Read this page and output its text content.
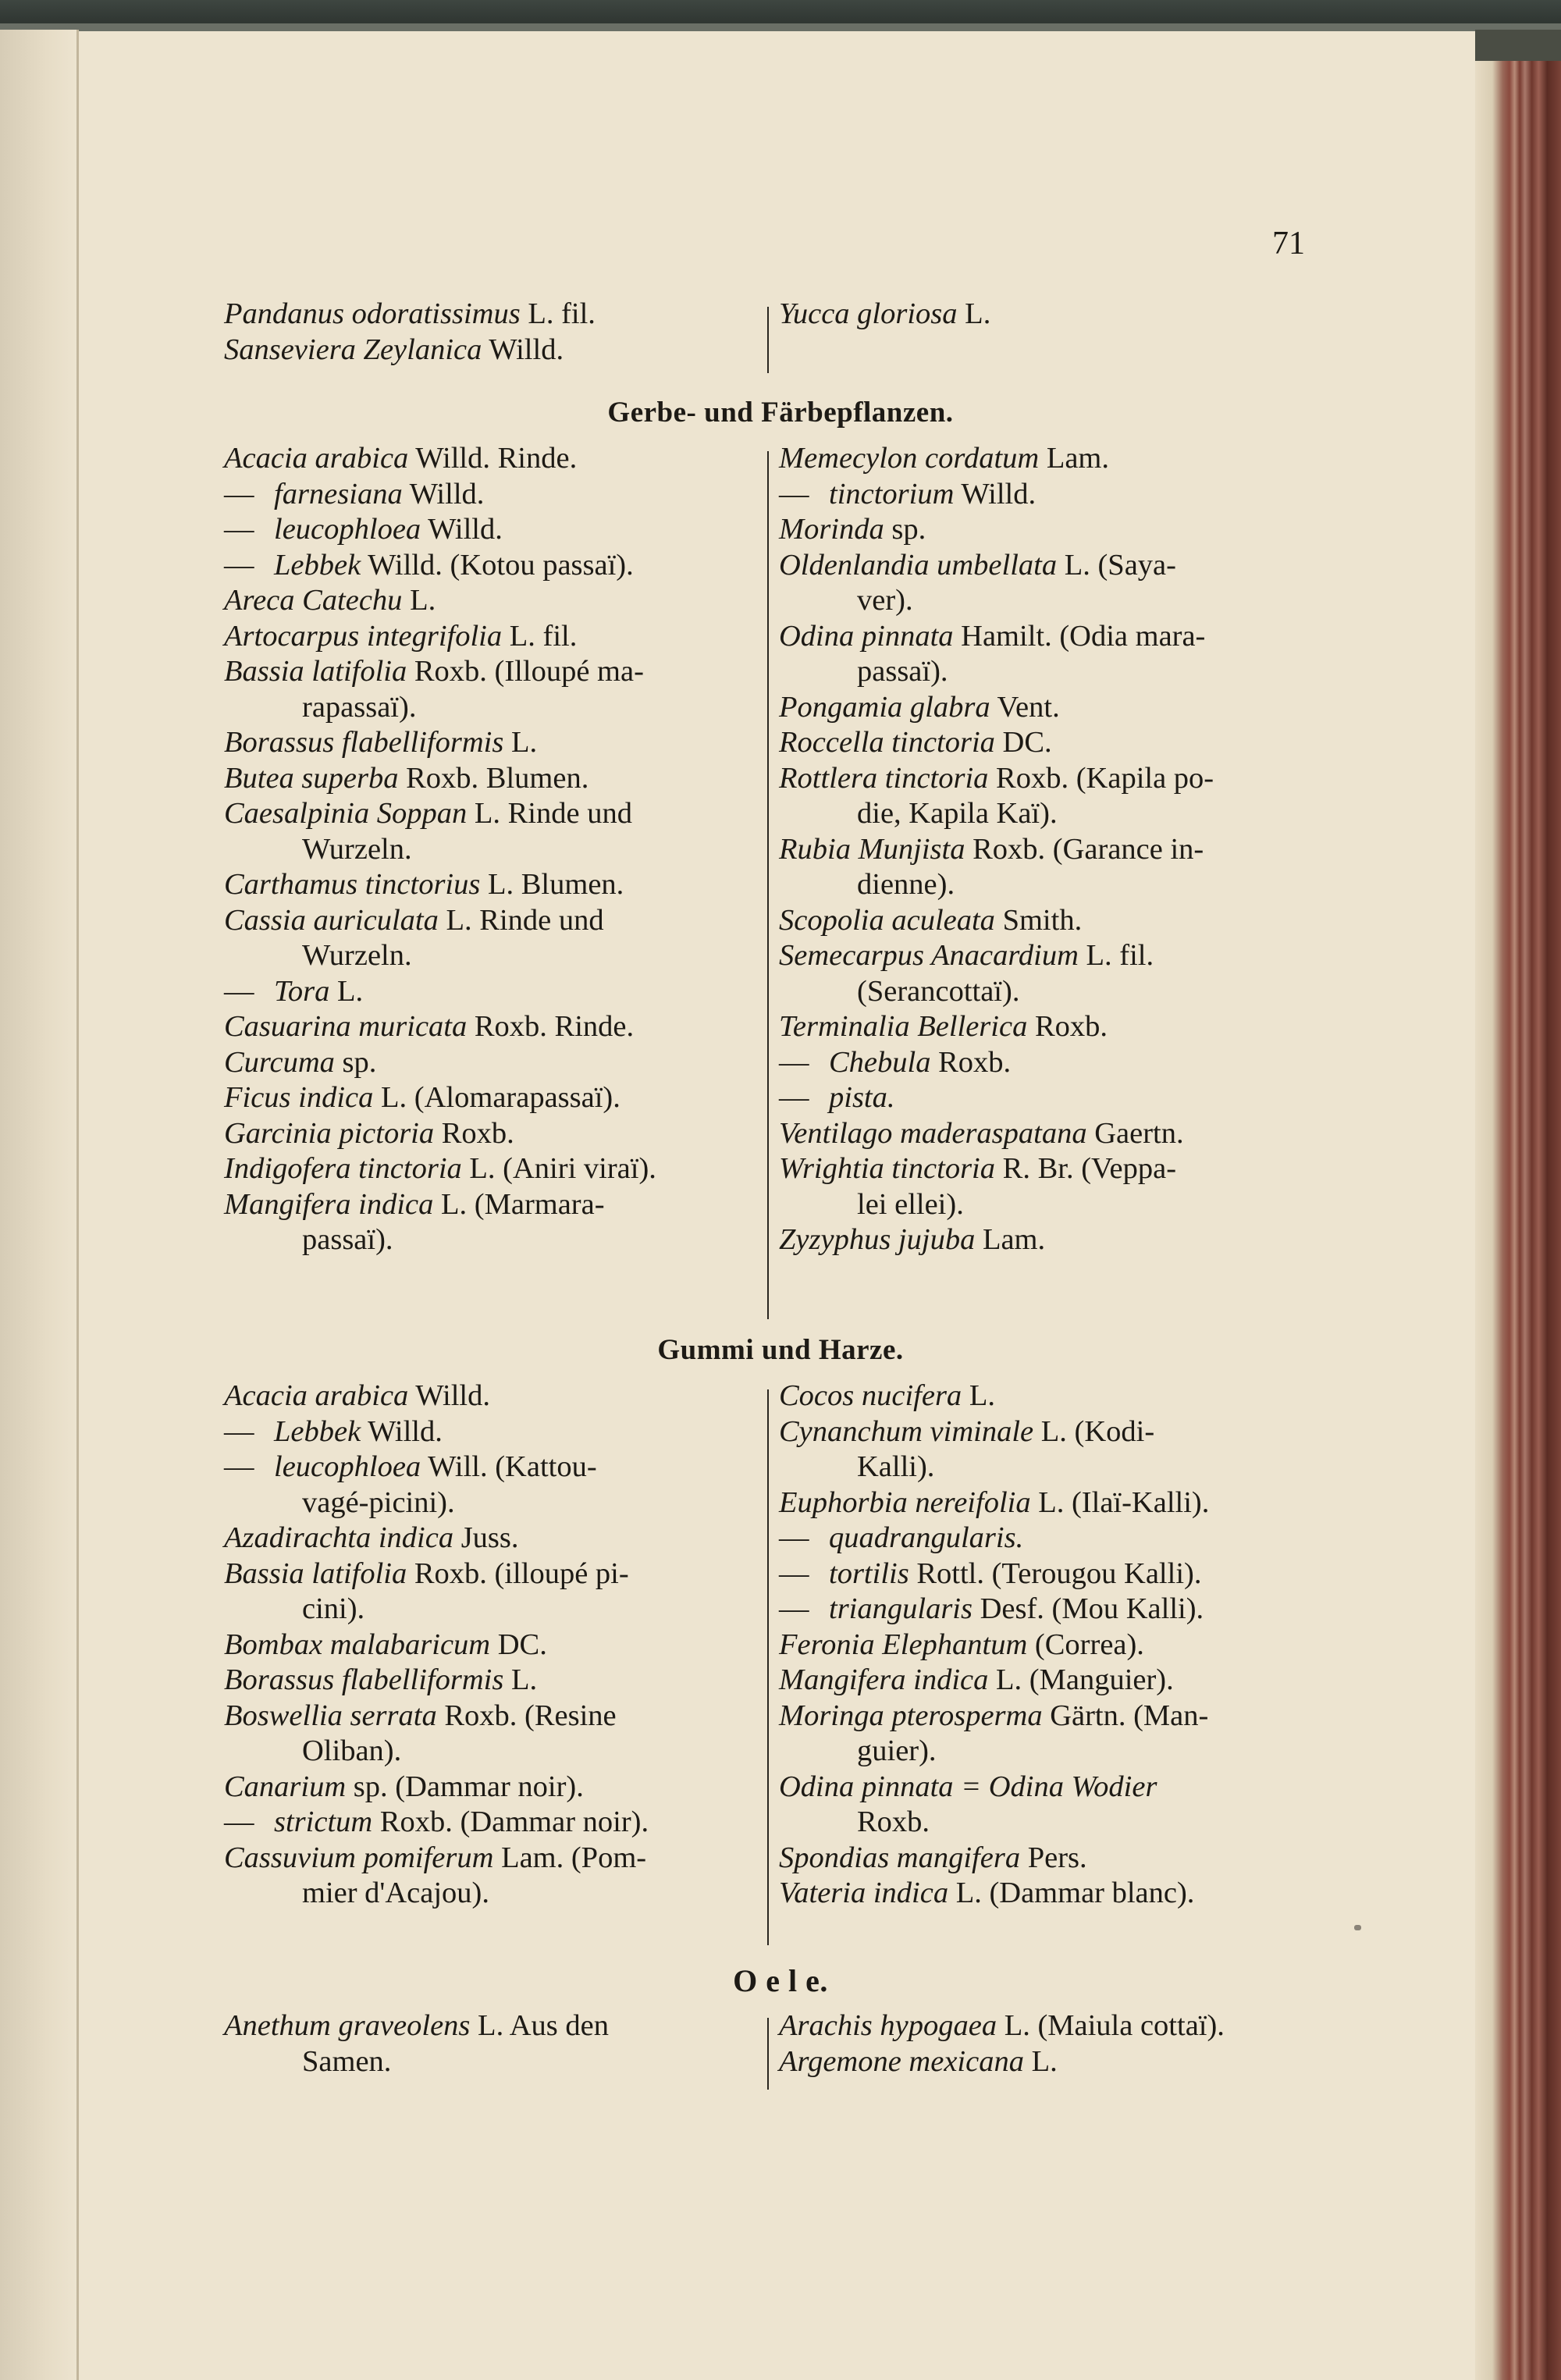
71
Pandanus odoratissimus L. fil.
Sanseviera Zeylanica Willd.
Yucca gloriosa L.
Gerbe- und Färbepflanzen.
Acacia arabica Willd. Rinde.
—farnesiana Willd.
—leucophloea Willd.
—Lebbek Willd. (Kotou passaï).
Areca Catechu L.
Artocarpus integrifolia L. fil.
Bassia latifolia Roxb. (Illoupé ma-
rapassaï).
Borassus flabelliformis L.
Butea superba Roxb. Blumen.
Caesalpinia Soppan L. Rinde und
Wurzeln.
Carthamus tinctorius L. Blumen.
Cassia auriculata L. Rinde und
Wurzeln.
—Tora L.
Casuarina muricata Roxb. Rinde.
Curcuma sp.
Ficus indica L. (Alomarapassaï).
Garcinia pictoria Roxb.
Indigofera tinctoria L. (Aniri viraï).
Mangifera indica L. (Marmara-
passaï).
Memecylon cordatum Lam.
—tinctorium Willd.
Morinda sp.
Oldenlandia umbellata L. (Saya-
ver).
Odina pinnata Hamilt. (Odia mara-
passaï).
Pongamia glabra Vent.
Roccella tinctoria DC.
Rottlera tinctoria Roxb. (Kapila po-
die, Kapila Kaï).
Rubia Munjista Roxb. (Garance in-
dienne).
Scopolia aculeata Smith.
Semecarpus Anacardium L. fil.
(Serancottaï).
Terminalia Bellerica Roxb.
—Chebula Roxb.
—pista.
Ventilago maderaspatana Gaertn.
Wrightia tinctoria R. Br. (Veppa-
lei ellei).
Zyzyphus jujuba Lam.
Gummi und Harze.
Acacia arabica Willd.
—Lebbek Willd.
—leucophloea Will. (Kattou-
vagé-picini).
Azadirachta indica Juss.
Bassia latifolia Roxb. (illoupé pi-
cini).
Bombax malabaricum DC.
Borassus flabelliformis L.
Boswellia serrata Roxb. (Resine
Oliban).
Canarium sp. (Dammar noir).
—strictum Roxb. (Dammar noir).
Cassuvium pomiferum Lam. (Pom-
mier d'Acajou).
Cocos nucifera L.
Cynanchum viminale L. (Kodi-
Kalli).
Euphorbia nereifolia L. (Ilaï-Kalli).
—quadrangularis.
—tortilis Rottl. (Terougou Kalli).
—triangularis Desf. (Mou Kalli).
Feronia Elephantum (Correa).
Mangifera indica L. (Manguier).
Moringa pterosperma Gärtn. (Man-
guier).
Odina pinnata = Odina Wodier
Roxb.
Spondias mangifera Pers.
Vateria indica L. (Dammar blanc).
O e l e.
Anethum graveolens L. Aus den
Samen.
Arachis hypogaea L. (Maiula cottaï).
Argemone mexicana L.
